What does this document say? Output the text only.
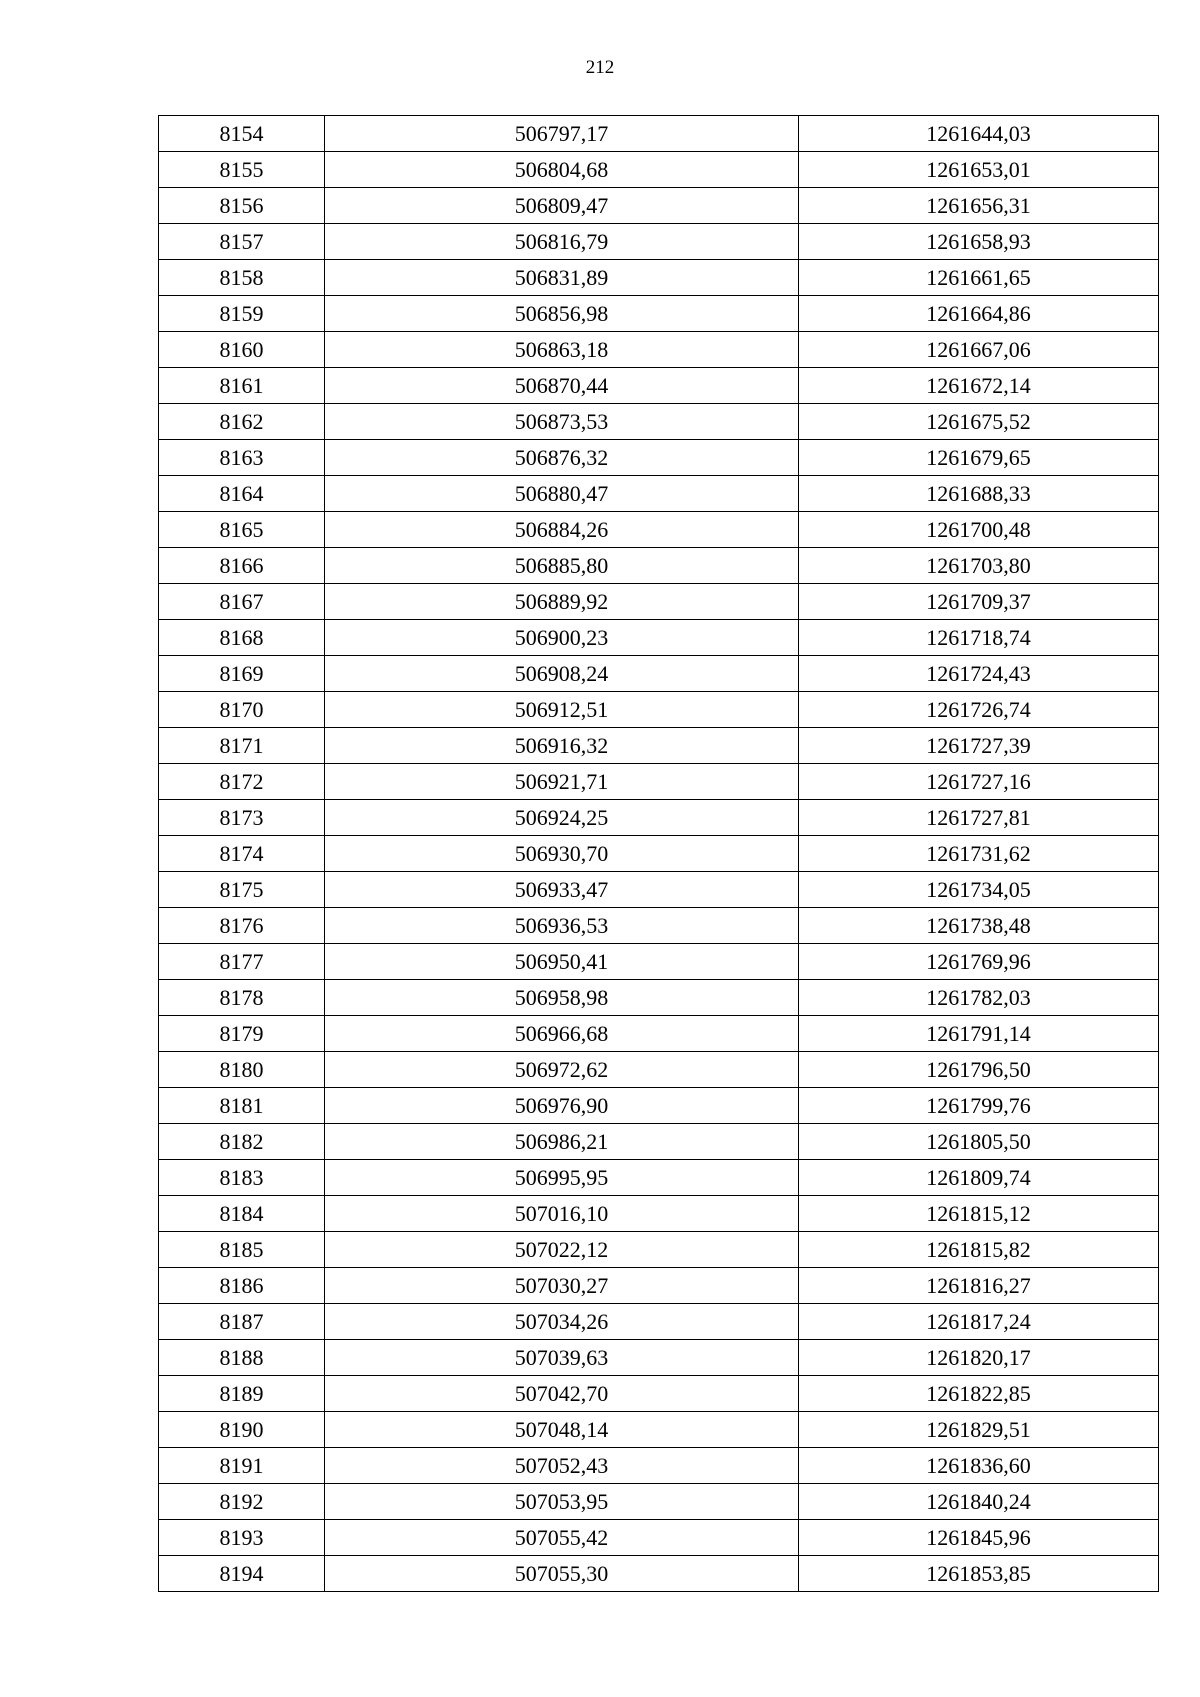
212
8154	506797,17	1261644,03
8155	506804,68	1261653,01
8156	506809,47	1261656,31
8157	506816,79	1261658,93
8158	506831,89	1261661,65
8159	506856,98	1261664,86
8160	506863,18	1261667,06
8161	506870,44	1261672,14
8162	506873,53	1261675,52
8163	506876,32	1261679,65
8164	506880,47	1261688,33
8165	506884,26	1261700,48
8166	506885,80	1261703,80
8167	506889,92	1261709,37
8168	506900,23	1261718,74
8169	506908,24	1261724,43
8170	506912,51	1261726,74
8171	506916,32	1261727,39
8172	506921,71	1261727,16
8173	506924,25	1261727,81
8174	506930,70	1261731,62
8175	506933,47	1261734,05
8176	506936,53	1261738,48
8177	506950,41	1261769,96
8178	506958,98	1261782,03
8179	506966,68	1261791,14
8180	506972,62	1261796,50
8181	506976,90	1261799,76
8182	506986,21	1261805,50
8183	506995,95	1261809,74
8184	507016,10	1261815,12
8185	507022,12	1261815,82
8186	507030,27	1261816,27
8187	507034,26	1261817,24
8188	507039,63	1261820,17
8189	507042,70	1261822,85
8190	507048,14	1261829,51
8191	507052,43	1261836,60
8192	507053,95	1261840,24
8193	507055,42	1261845,96
8194	507055,30	1261853,85
